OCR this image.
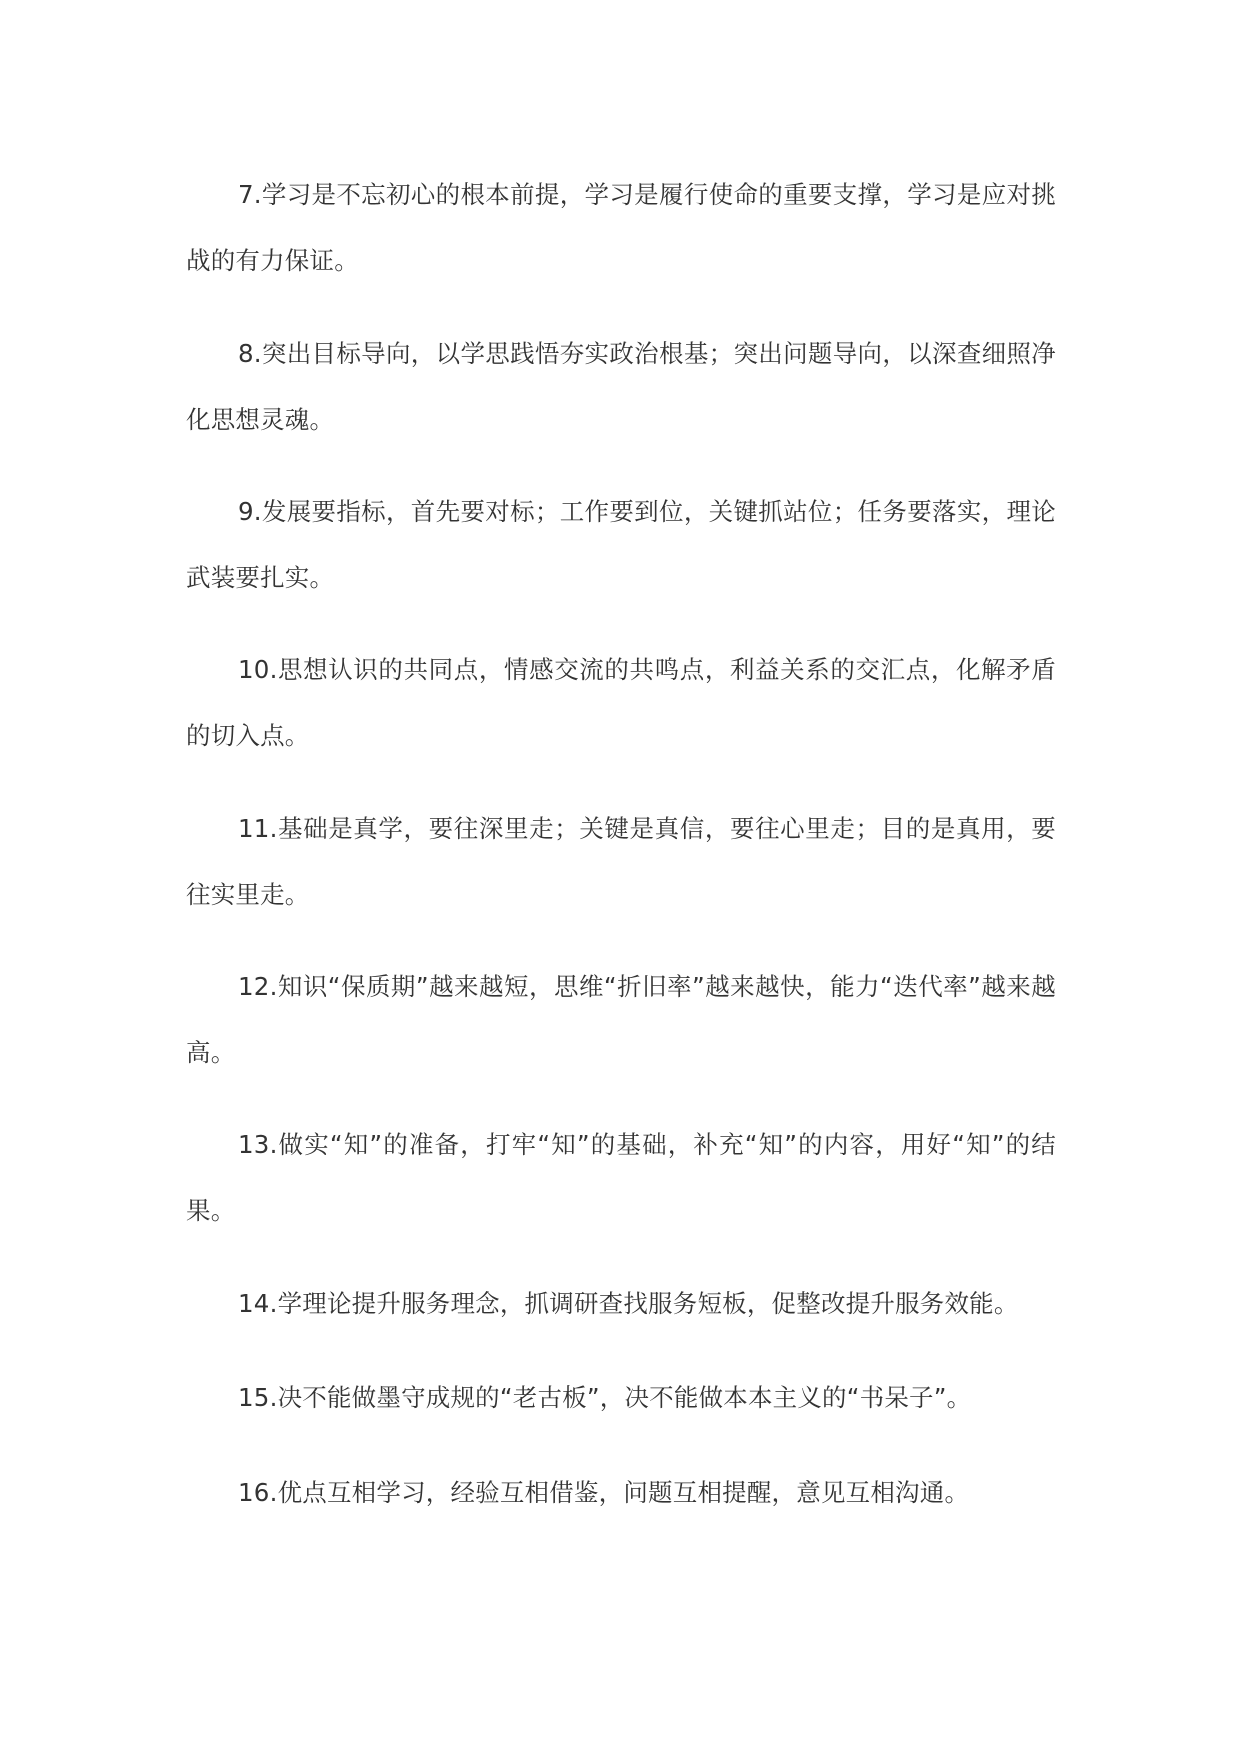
7.学习是不忘初心的根本前提，学习是履行使命的重要支撑，学习是应对挑战的有力保证。

8.突出目标导向，以学思践悟夯实政治根基；突出问题导向，以深查细照净化思想灵魂。

9.发展要指标，首先要对标；工作要到位，关键抓站位；任务要落实，理论武装要扎实。

10.思想认识的共同点，情感交流的共鸣点，利益关系的交汇点，化解矛盾的切入点。

11.基础是真学，要往深里走；关键是真信，要往心里走；目的是真用，要往实里走。

12.知识“保质期”越来越短，思维“折旧率”越来越快，能力“迭代率”越来越高。

13.做实“知”的准备，打牢“知”的基础，补充“知”的内容，用好“知”的结果。

14.学理论提升服务理念，抓调研查找服务短板，促整改提升服务效能。

15.决不能做墨守成规的“老古板”，决不能做本本主义的“书呆子”。

16.优点互相学习，经验互相借鉴，问题互相提醒，意见互相沟通。
